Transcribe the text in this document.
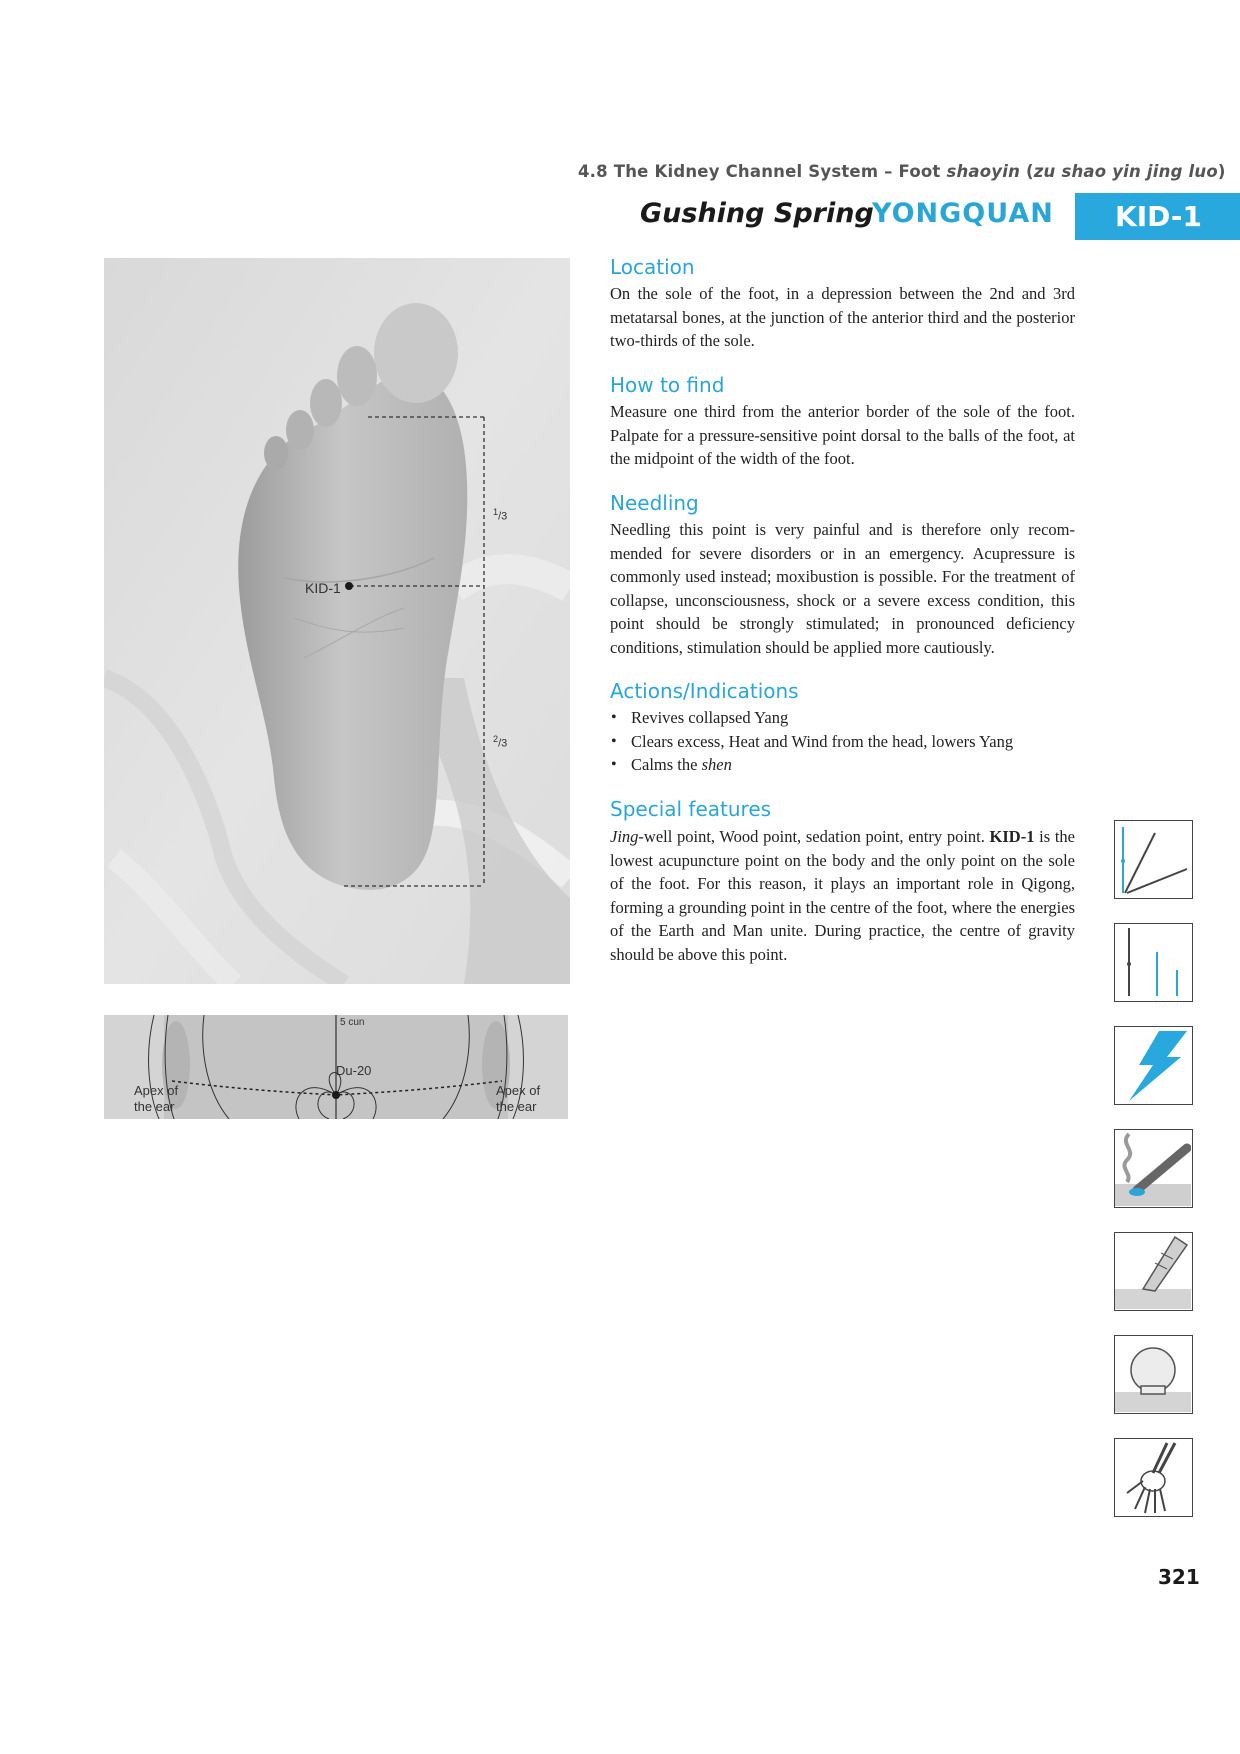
4.8 The Kidney Channel System – Foot shaoyin (zu shao yin jing luo)
Gushing Spring
YONGQUAN KID-1
KID-1
$^1$/3
$^2$/3
5 cun
Du-20
Apex of
the ear
Apex of
the ear
Location

On the sole of the foot, in a depression between the 2nd and 3rd metatarsal bones, at the junction of the anterior third and the posterior two-thirds of the sole.

How to find

Measure one third from the anterior border of the sole of the foot. Palpate for a pressure-sensitive point dorsal to the balls of the foot, at the midpoint of the width of the foot.

Needling

Needling this point is very painful and is therefore only recom-mended for severe disorders or in an emergency. Acupressure is commonly used instead; moxibustion is possible. For the treatment of collapse, unconsciousness, shock or a severe excess condition, this point should be strongly stimulated; in pronounced deficiency conditions, stimulation should be applied more cautiously.

Actions/Indications
• Revives collapsed Yang
• Clears excess, Heat and Wind from the head, lowers Yang
• Calms the shen
Special features

Jing-well point, Wood point, sedation point, entry point. KID-1 is the lowest acupuncture point on the body and the only point on the sole of the foot. For this reason, it plays an important role in Qigong, forming a grounding point in the centre of the foot, where the energies of the Earth and Man unite. During practice, the centre of gravity should be above this point.

321
